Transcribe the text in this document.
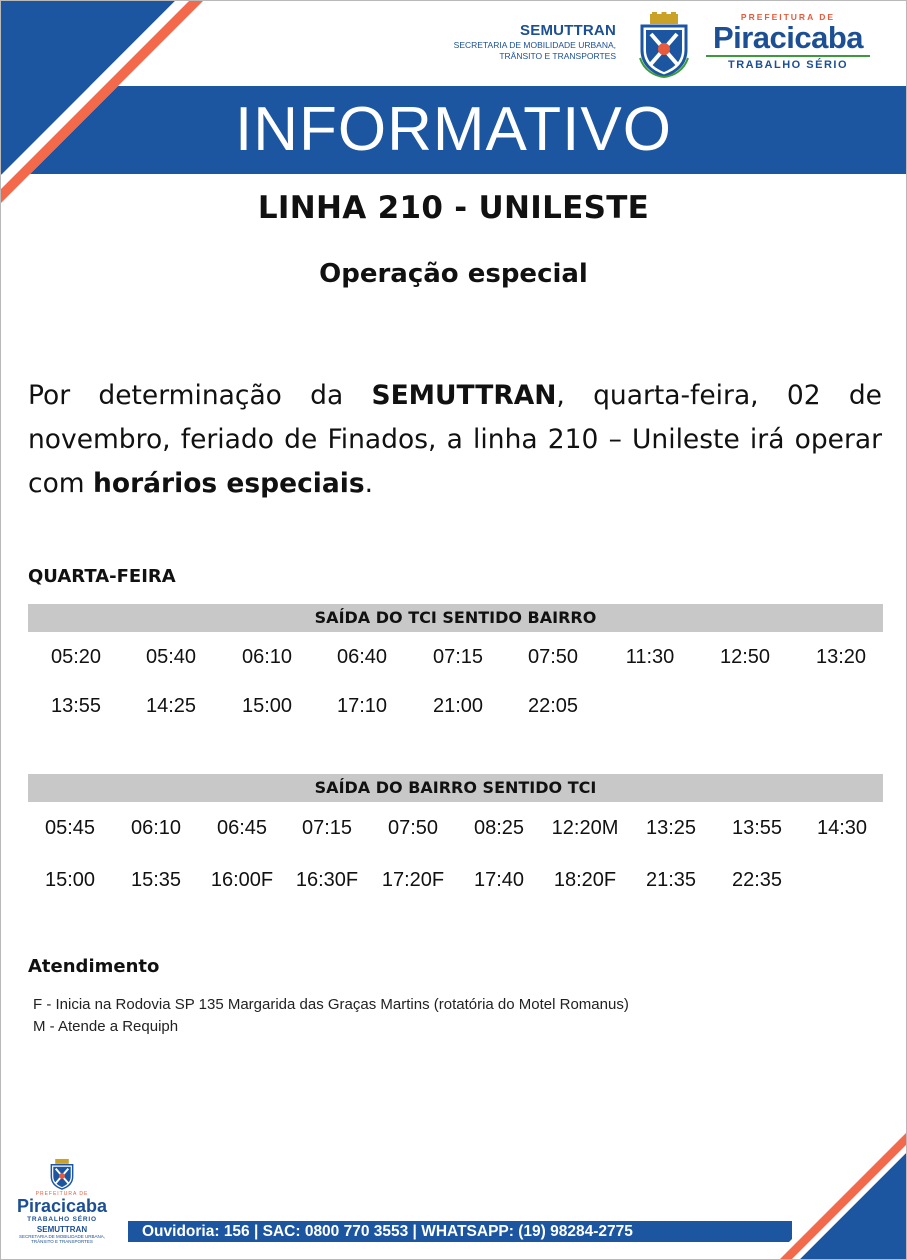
SEMUTTRAN
SECRETARIA DE MOBILIDADE URBANA,
TRÂNSITO E TRANSPORTES
PREFEITURA DE
Piracicaba
TRABALHO SÉRIO
INFORMATIVO
LINHA 210 - UNILESTE
Operação especial
Por determinação da SEMUTTRAN, quarta-feira, 02 de novembro, feriado de Finados, a linha 210 – Unileste irá operar com horários especiais.
QUARTA-FEIRA
SAÍDA DO TCI SENTIDO BAIRRO
05:20	05:40	06:10	06:40	07:15	07:50	11:30	12:50	13:20
13:55	14:25	15:00	17:10	21:00	22:05
SAÍDA DO BAIRRO SENTIDO TCI
05:45	06:10	06:45	07:15	07:50	08:25	12:20M	13:25	13:55	14:30
15:00	15:35	16:00F	16:30F	17:20F	17:40	18:20F	21:35	22:35
Atendimento
F - Inicia na Rodovia SP 135 Margarida das Graças Martins (rotatória do Motel Romanus)
M - Atende a Requiph
PREFEITURA DE
Piracicaba
TRABALHO SÉRIO
SEMUTTRAN
SECRETARIA DE MOBILIDADE URBANA,
TRÂNSITO E TRANSPORTES
Ouvidoria: 156 | SAC: 0800 770 3553 | WHATSAPP: (19) 98284-2775
